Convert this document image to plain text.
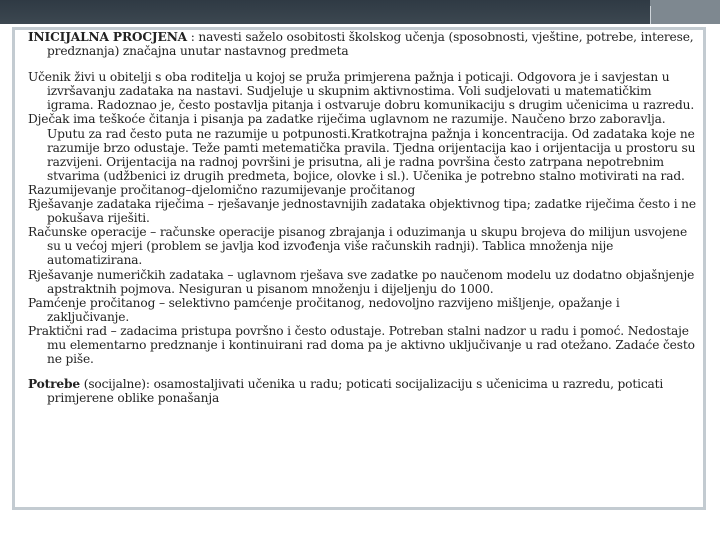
INICIJALNA PROCJENA : navesti saželo osobitosti školskog učenja (sposobnosti, vještine, potrebe, interese, predznanja) značajna unutar nastavnog predmeta

Učenik živi u obitelji s oba roditelja u kojoj se pruža primjerena pažnja i poticaji. Odgovora je i savjestan u izvršavanju zadataka na nastavi. Sudjeluje u skupnim aktivnostima. Voli sudjelovati u matematičkim igrama. Radoznao je, često postavlja pitanja i ostvaruje dobru komunikaciju s drugim učenicima u razredu.

Dječak ima teškoće čitanja i pisanja pa zadatke riječima uglavnom ne razumije. Naučeno brzo zaboravlja. Uputu za rad često puta ne razumije u potpunosti.Kratkotrajna pažnja i koncentracija. Od zadataka koje ne razumije brzo odustaje. Teže pamti metematička pravila. Tjedna orijentacija kao i orijentacija u prostoru su razvijeni. Orijentacija na radnoj površini je prisutna, ali je radna površina često zatrpana nepotrebnim stvarima (udžbenici iz drugih predmeta, bojice, olovke i sl.). Učenika je potrebno stalno motivirati na rad.

Razumijevanje pročitanog–djelomično razumijevanje pročitanog

Rješavanje zadataka riječima – rješavanje jednostavnijih zadataka objektivnog tipa; zadatke riječima često i ne pokušava riješiti.

Računske operacije – računske operacije pisanog zbrajanja i oduzimanja u skupu brojeva do milijun usvojene su u većoj mjeri (problem se javlja kod izvođenja više računskih radnji). Tablica množenja nije automatizirana.

Rješavanje numeričkih zadataka – uglavnom rješava sve zadatke po naučenom modelu uz dodatno objašnjenje apstraktnih pojmova. Nesiguran u pisanom množenju i dijeljenju do 1000.

Pamćenje pročitanog – selektivno pamćenje pročitanog, nedovoljno razvijeno mišljenje, opažanje i zaključivanje.

Praktični rad – zadacima pristupa površno i često odustaje. Potreban stalni nadzor u radu i pomoć. Nedostaje mu elementarno predznanje i kontinuirani rad doma pa je aktivno uključivanje u rad otežano. Zadaće često ne piše.

Potrebe (socijalne): osamostaljivati učenika u radu; poticati socijalizaciju s učenicima u razredu, poticati primjerene oblike ponašanja
